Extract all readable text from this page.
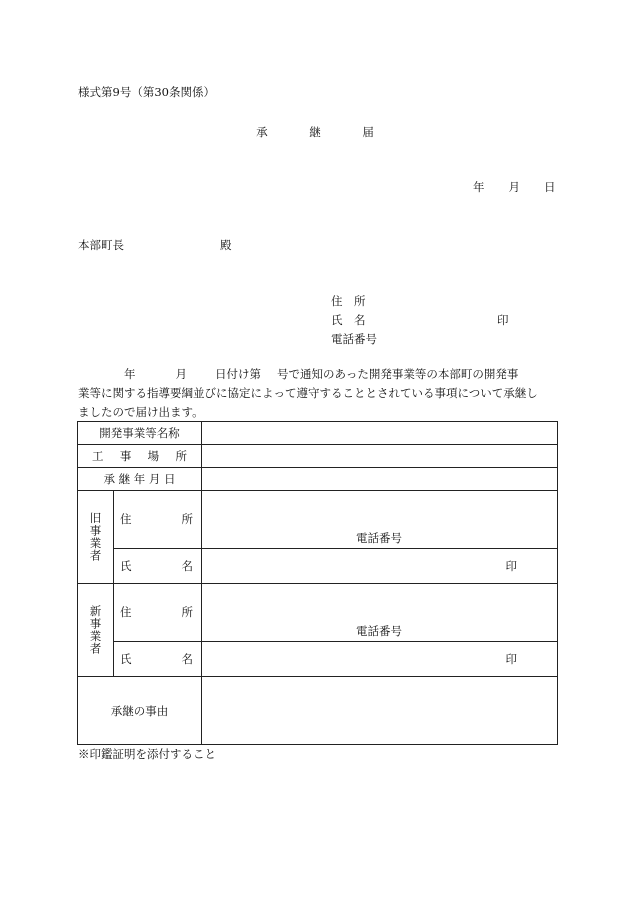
様式第9号（第30条関係）
承	継	届
年 月 日
本部町長	殿
住　所
氏　名	印
電話番号
年	月 日付け第 号で通知のあった開発事業等の本部町の開発事
業等に関する指導要綱並びに協定によって遵守することとされている事項について承継し
ましたので届け出ます。
開発事業等名称		

工 事 場 所		

承 継 年 月 日		

旧事業者	住 所	電話番号

	氏 名	印

新事業者	住 所	電話番号

	氏 名	印

承継の事由		
※印鑑証明を添付すること
